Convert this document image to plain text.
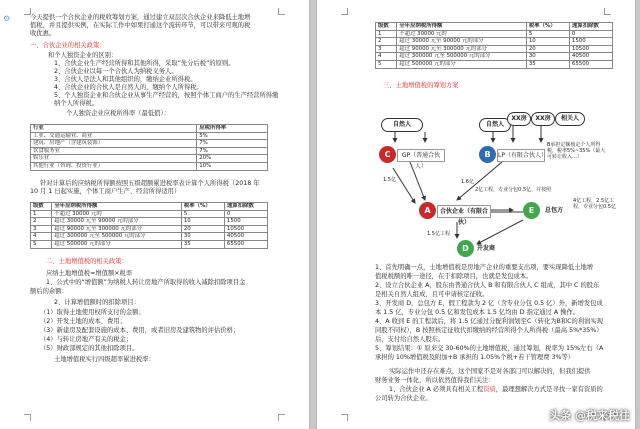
⚙	今天提供一个合伙企业的税收筹划方案，通过建立双层次合伙企业来降低土地增
值税，并且提供实例，在实际工作中如果打通这个流转环节，可以带来可观的税
收优惠。
一、合伙企业的相关政策：
和个人独资企业的区别：
1、合伙企业生产经营所得和其他所得，采取“先分后税”的原则。
2、合伙企业以每一个合伙人为纳税义务人。
3、合伙人是法人和其他组织的，缴纳企业所得税。
4、合伙企业的合伙人是自然人的，缴纳个人所得税。
5、个人独资企业和合伙企业从事生产经营的，按照个体工商户的生产经营所得缴纳个人所得税。
个人独资企业应税所得率（最低值）：
行业	应税所得率
工业、交通运输业、商业	5%
建筑、房地产（含建筑装饰）	7%
饮食服务业	7%
娱乐业	20%
其他行业（咨询、投资行业）	10%
针对计算后的应纳税所得额按照五级超额累进税率表计算个人所得税（2018 年
10 月 1 日起实施，个体工商户生产、经营所得适用）
级数	全年应纳税所得额	税率（%）	速算扣除数
1	不超过 30000 元的	5	0
2	超过 30000 元至 90000 元的部分	10	1500
3	超过 90000 元至 300000 元的部分	20	10500
4	超过 300000 元至 500000 元的部分	30	40500
5	超过 500000 元的部分	35	65500
二、土地增值税的相关政策：
应纳土地增值税=增值额×税率
1、公式中的“增值额”为纳税人转让房地产所取得的收入减除扣除项目金
额后的余额：
2、计算增值额时的扣除项目：
（1）取得土地使用权所支付的金额；
（2）开发土地的成本、费用；
（3）新建房及配套设施的成本、费用，或者旧房及建筑物的评估价格；
（4）与转让房地产有关的税金；
（5）财政部规定的其他扣除项目。
土地增值税实行四级超率累进税率：
级数	全年应纳税所得额	税率（%）	速算扣除数
1	不超过 30000 元的	5	0
2	超过 30000 元至 90000 元的部分	10	1500
3	超过 90000 元至 300000 元的部分	20	10500
4	超过 300000 元至 500000 元的部分	30	40500
5	超过 500000 元的部分	35	65500
三、土地增值税的筹划方案
自然人	自然人
XX房	XX房	相关人
C	GP（普通合伙人）
B	LP（有限合伙人）
B承担定额核定个人所得税，税率5%~35%（最大可转让收入…）
1.5亿	1.6亿
A	合伙企业（有限合伙）
2亿工程，专业分包0.5亿，并按照
E	总包方
4亿工程，2.5亿工程，专业分包0.5亿
D	开发商
1.5亿工程
1、首先明确一点，土地增值税是房地产企业的重要支出项，要实现降低土地增
值税税额的唯一途径，在于扣除项目，也就是发包成本。
2、设立合伙企业 A，股东由普通合伙人 B 和有限合伙人 C 组成，其中 C 的股东
是相关自然人组成，且可申请核定征收。
3、开发商 D，总包方 E，假工程款为 2 亿（含专业分包 0.5 亿）外，新增发包成
本 1.5 亿，专业分包 0.5 亿和发包成本 1.5 亿均由 D 指定通过 A 操作。
4、A 收到 E 的工程款后，将 1.5 亿通过分配利润划至C（转化为B和C的利润实现
同股不同权），B 按照核定征收代扣缴纳的经营所得个人所得税（最高 5%*35%）
后，支付给自然人股东。
5、筹划结果：① 原来交 30-60%的土地增值税，通过筹划，税率为 15%左右（A
承担的 10%增值税及附加+B 承担的 1.05%个税+若干管理费 3%等）
实际运作中还存在难点，这个国家不是对各部门可以解决的，但我们提供
财务业务一体化，所以依然值得我们关注：
1、合伙企业 A 必须具有相关工程资质，最理想解决方式是寻找一家有资质的
公司转为合伙企业。
头条 @税来税往
